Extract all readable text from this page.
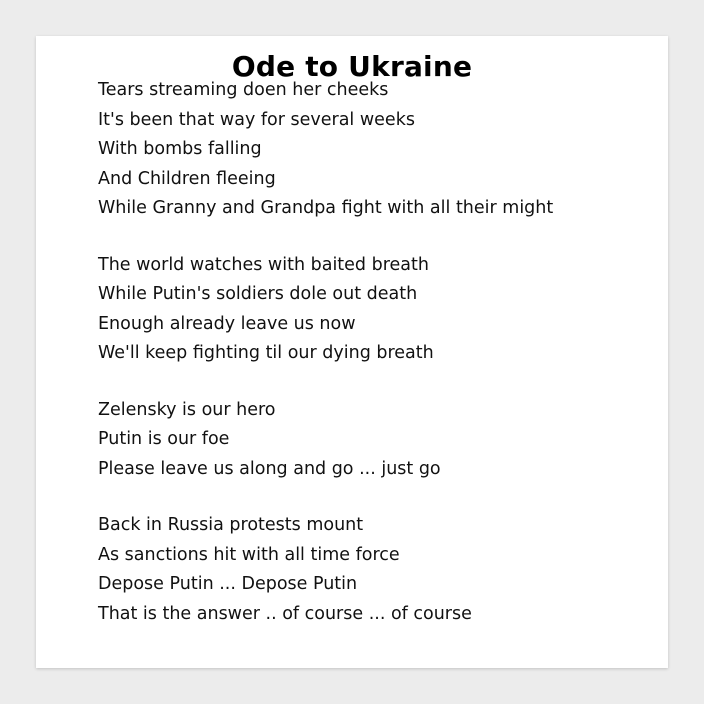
Ode to Ukraine
Tears streaming doen her cheeks
It's been that way for several weeks
With bombs falling
And Children fleeing
While Granny and Grandpa fight with all their might
The world watches with baited breath
While Putin's soldiers dole out death
Enough already leave us now
We'll keep fighting til our dying breath
Zelensky is our hero
Putin is our foe
Please leave us along and go ... just go
Back in Russia protests mount
As sanctions hit with all time force
Depose Putin ... Depose Putin
That is the answer .. of course ... of course
